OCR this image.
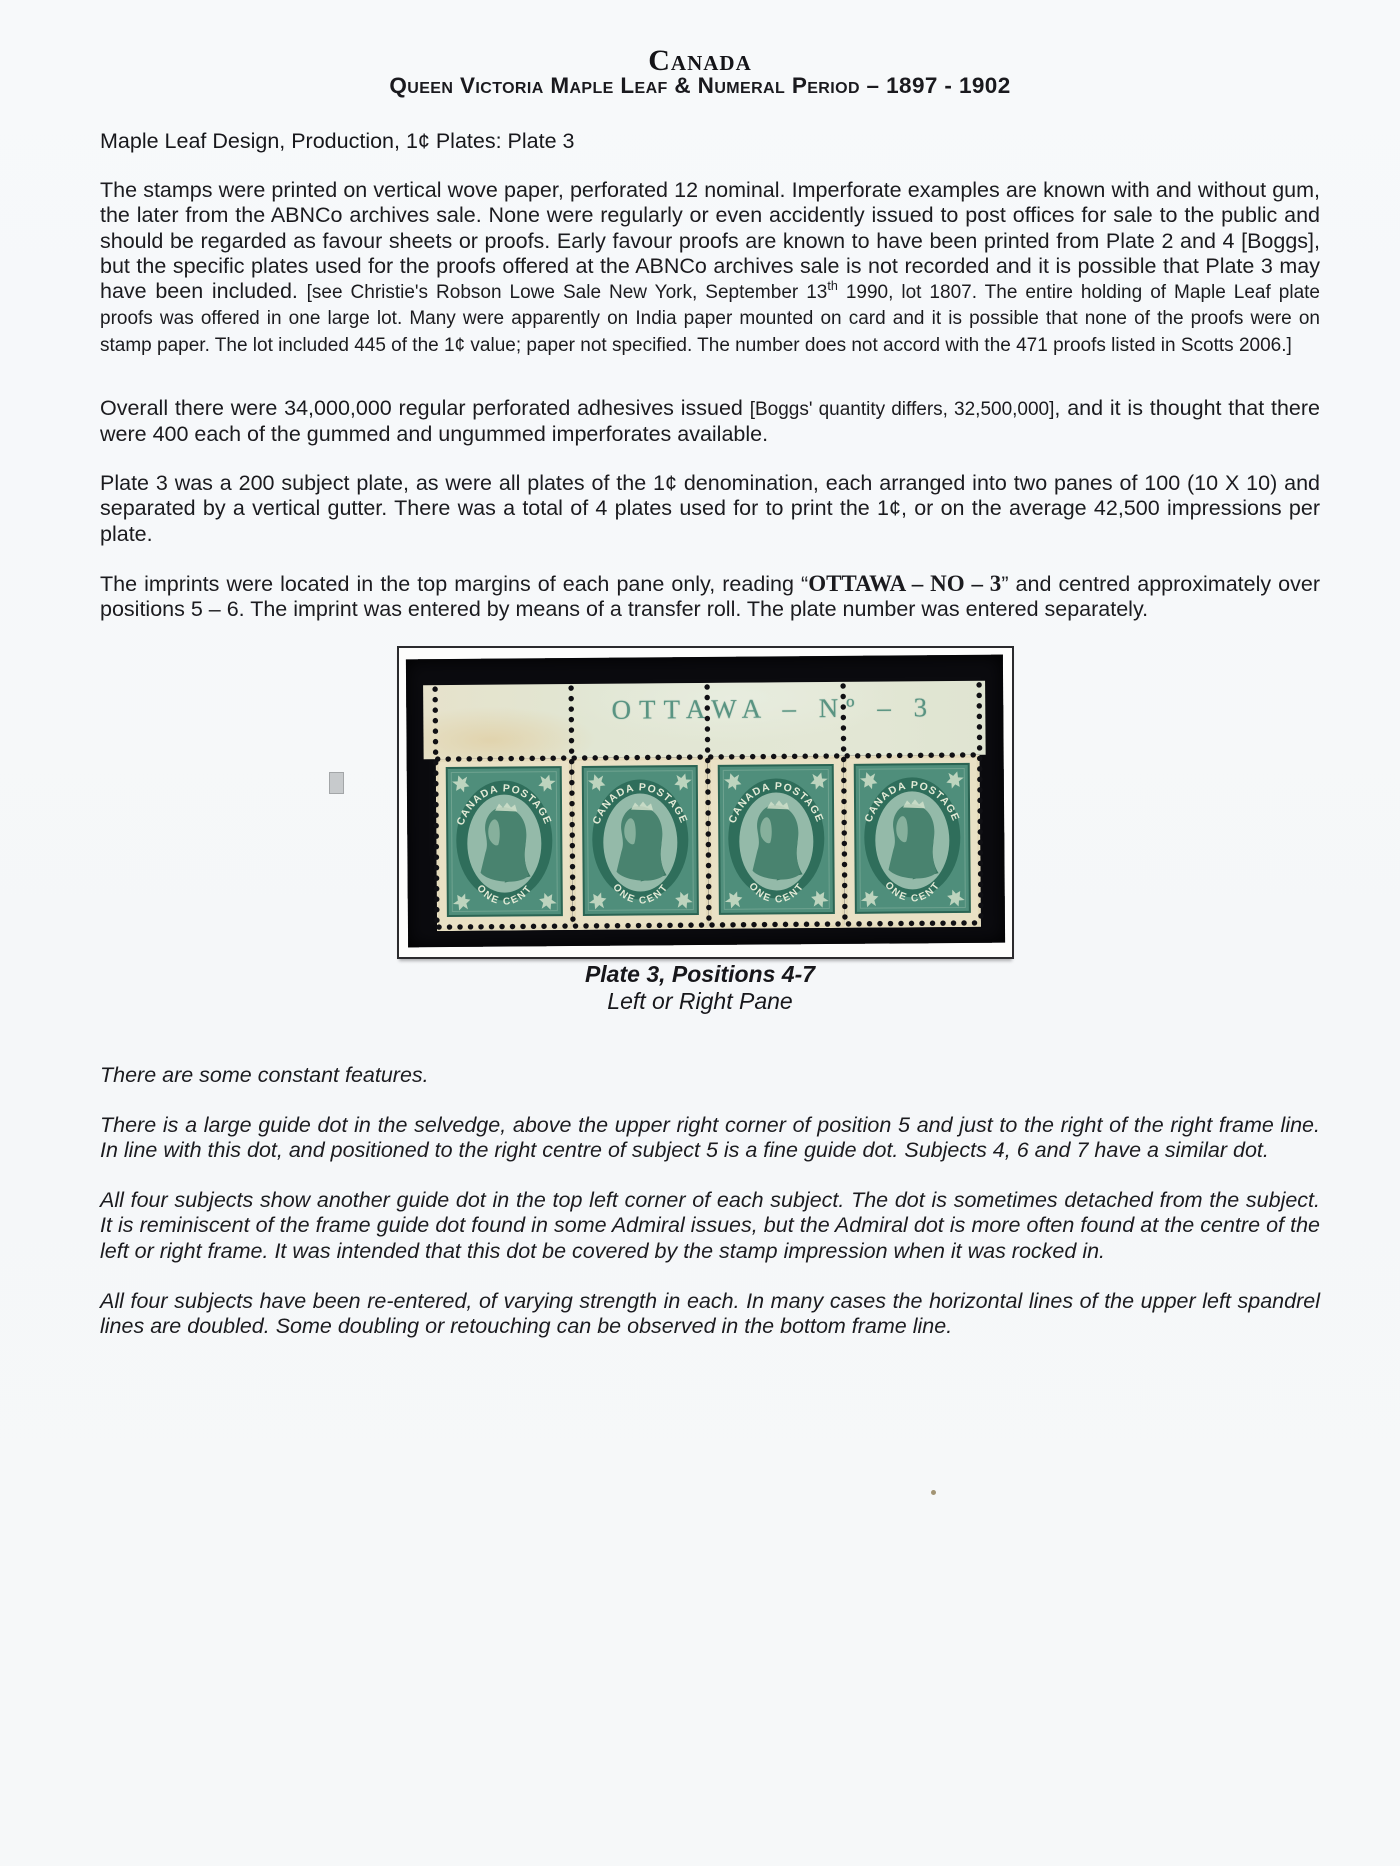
Canada
Queen Victoria Maple Leaf & Numeral Period – 1897 - 1902
Maple Leaf Design, Production, 1¢ Plates: Plate 3

The stamps were printed on vertical wove paper, perforated 12 nominal. Imperforate examples are known with and without gum, the later from the ABNCo archives sale. None were regularly or even accidently issued to post offices for sale to the public and should be regarded as favour sheets or proofs. Early favour proofs are known to have been printed from Plate 2 and 4 [Boggs], but the specific plates used for the proofs offered at the ABNCo archives sale is not recorded and it is possible that Plate 3 may have been included. [see Christie's Robson Lowe Sale New York, September 13th 1990, lot 1807. The entire holding of Maple Leaf plate proofs was offered in one large lot. Many were apparently on India paper mounted on card and it is possible that none of the proofs were on stamp paper. The lot included 445 of the 1¢ value; paper not specified. The number does not accord with the 471 proofs listed in Scotts 2006.]

Overall there were 34,000,000 regular perforated adhesives issued [Boggs' quantity differs, 32,500,000], and it is thought that there were 400 each of the gummed and ungummed imperforates available.

Plate 3 was a 200 subject plate, as were all plates of the 1¢ denomination, each arranged into two panes of 100 (10 X 10) and separated by a vertical gutter. There was a total of 4 plates used for to print the 1¢, or on the average 42,500 impressions per plate.

The imprints were located in the top margins of each pane only, reading “OTTAWA – NO – 3” and centred approximately over positions 5 – 6. The imprint was entered by means of a transfer roll. The plate number was entered separately.

OTTAWA – Nº – 3
Plate 3, Positions 4-7
Left or Right Pane

There are some constant features.

There is a large guide dot in the selvedge, above the upper right corner of position 5 and just to the right of the right frame line. In line with this dot, and positioned to the right centre of subject 5 is a fine guide dot. Subjects 4, 6 and 7 have a similar dot.

All four subjects show another guide dot in the top left corner of each subject. The dot is sometimes detached from the subject. It is reminiscent of the frame guide dot found in some Admiral issues, but the Admiral dot is more often found at the centre of the left or right frame. It was intended that this dot be covered by the stamp impression when it was rocked in.

All four subjects have been re-entered, of varying strength in each. In many cases the horizontal lines of the upper left spandrel lines are doubled. Some doubling or retouching can be observed in the bottom frame line.
